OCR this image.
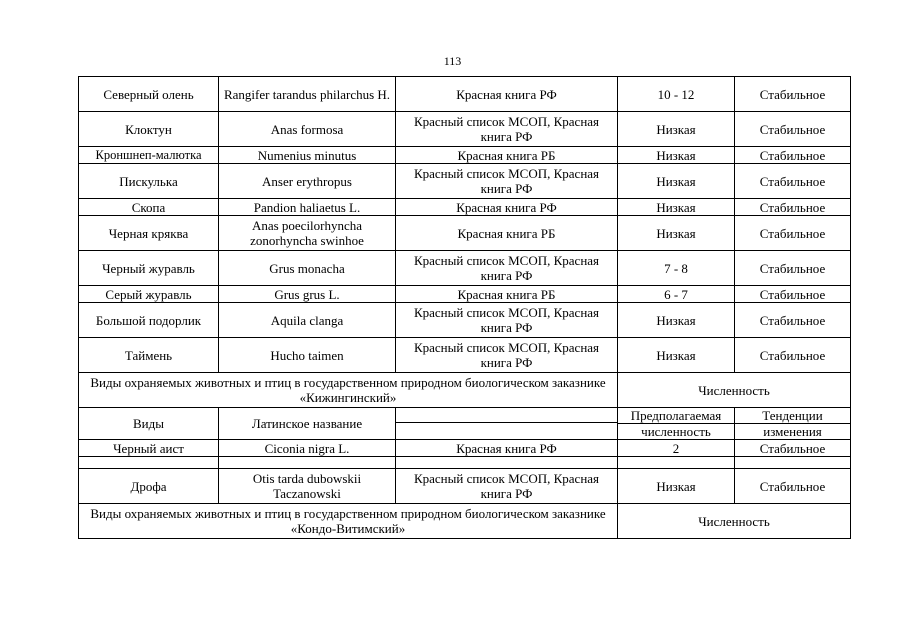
113
Северный олень	Rangifer tarandus philarchus H.	Красная книга РФ	10 - 12	Стабильное
Клоктун	Anas formosa	Красный список МСОП, Красная книга РФ	Низкая	Стабильное
Кроншнеп-малютка	Numenius minutus	Красная книга РБ	Низкая	Стабильное
Пискулька	Anser erythropus	Красный список МСОП, Красная книга РФ	Низкая	Стабильное
Скопа	Pandion haliaetus L.	Красная книга РФ	Низкая	Стабильное
Черная кряква	Anas poecilorhyncha zonorhyncha swinhoe	Красная книга РБ	Низкая	Стабильное
Черный журавль	Grus monacha	Красный список МСОП, Красная книга РФ	7 - 8	Стабильное
Серый журавль	Grus grus L.	Красная книга РБ	6 - 7	Стабильное
Большой подорлик	Aquila clanga	Красный список МСОП, Красная книга РФ	Низкая	Стабильное
Таймень	Hucho taimen	Красный список МСОП, Красная книга РФ	Низкая	Стабильное
Виды охраняемых животных и птиц в государственном природном биологическом заказнике «Кижингинский»			Численность	
Виды	Латинское название		Предполагаемая	Тенденции

			численность	изменения
Черный аист	Ciconia nigra L.	Красная книга РФ	2	Стабильное

Дрофа	Otis tarda dubowskii Taczanowski	Красный список МСОП, Красная книга РФ	Низкая	Стабильное
Виды охраняемых животных и птиц в государственном природном биологическом заказнике «Кондо-Витимский»			Численность	
